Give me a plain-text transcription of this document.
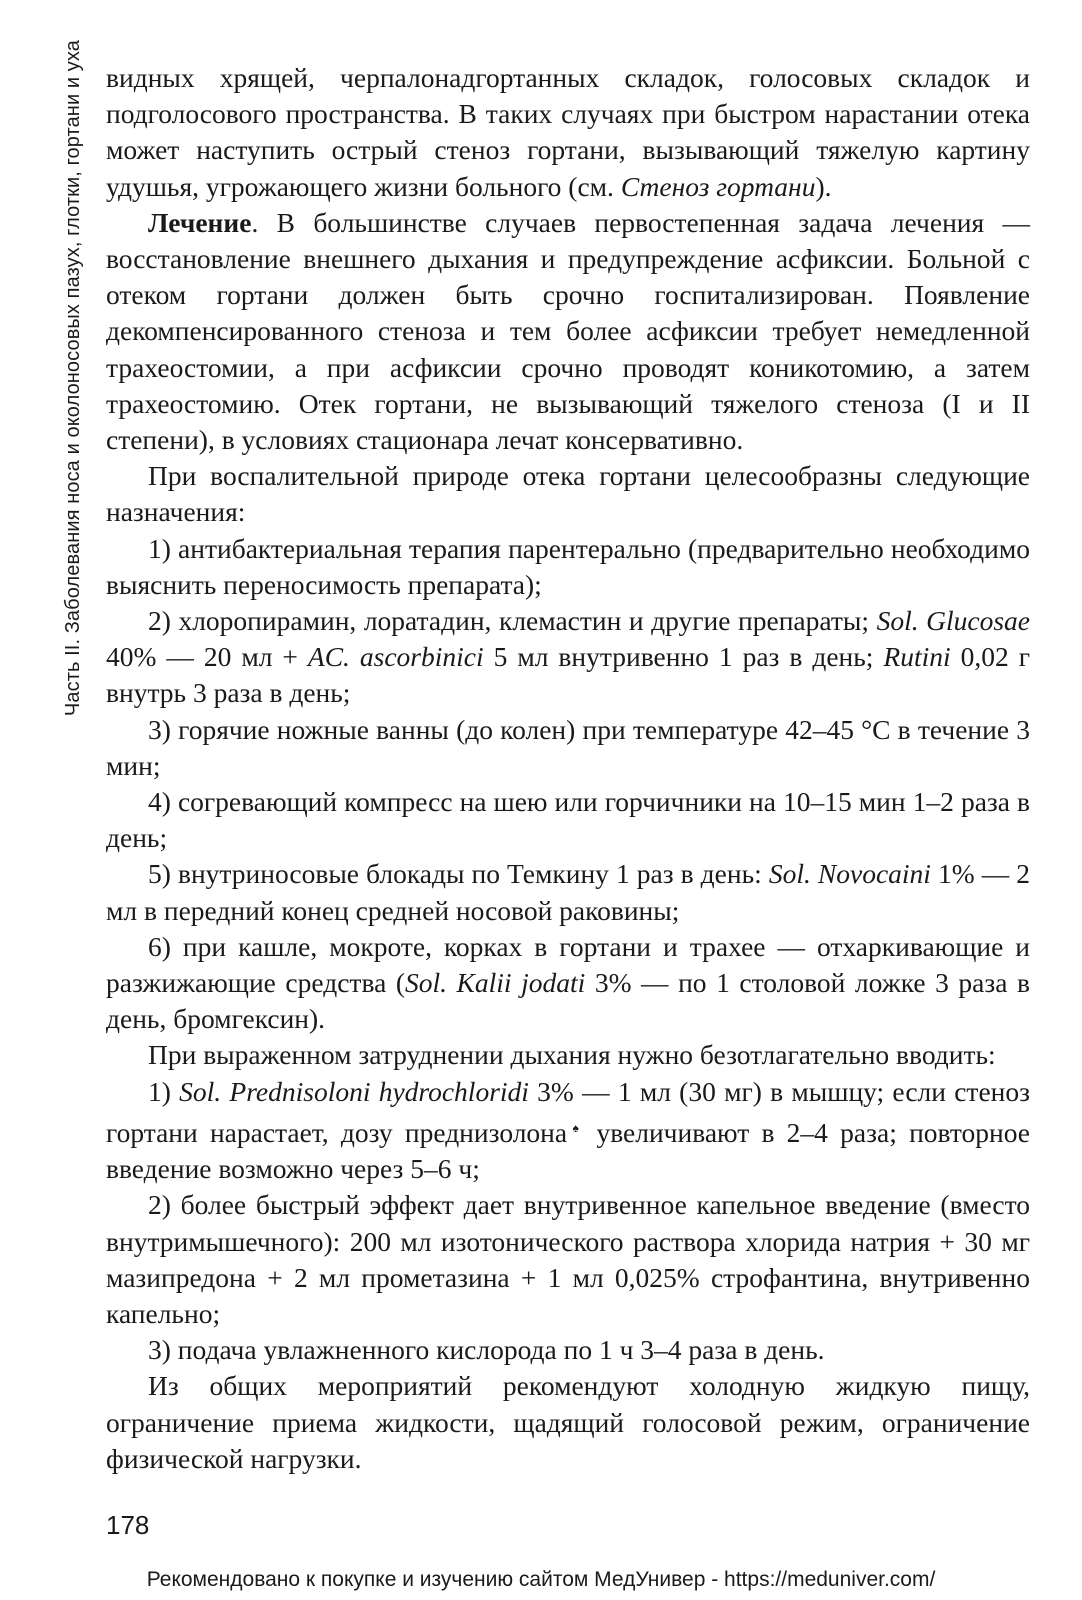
Часть II. Заболевания носа и околоносовых пазух, глотки, гортани и уха видных хрящей, черпалонадгортанных складок, голосовых складок и подголосового пространства. В таких случаях при быстром нарастании отека может наступить острый стеноз гортани, вызывающий тяжелую картину удушья, угрожающего жизни больного (см. Стеноз гортани).

Лечение. В большинстве случаев первостепенная задача лечения — восстановление внешнего дыхания и предупреждение асфиксии. Больной с отеком гортани должен быть срочно госпитализирован. Появление декомпенсированного стеноза и тем более асфиксии требует немедленной трахеостомии, а при асфиксии срочно проводят коникотомию, а затем трахеостомию. Отек гортани, не вызывающий тяжелого стеноза (I и II степени), в условиях стационара лечат консервативно.

При воспалительной природе отека гортани целесообразны следующие назначения:

1) антибактериальная терапия парентерально (предварительно необходимо выяснить переносимость препарата);

2) хлоропирамин, лоратадин, клемастин и другие препараты; Sol. Glucosae 40% — 20 мл + AC. ascorbinici 5 мл внутривенно 1 раз в день; Rutini 0,02 г внутрь 3 раза в день;

3) горячие ножные ванны (до колен) при температуре 42–45 °С в течение 3 мин;

4) согревающий компресс на шею или горчичники на 10–15 мин 1–2 раза в день;

5) внутриносовые блокады по Темкину 1 раз в день: Sol. Novocaini 1% — 2 мл в передний конец средней носовой раковины;

6) при кашле, мокроте, корках в гортани и трахее — отхаркивающие и разжижающие средства (Sol. Kalii jodati 3% — по 1 столовой ложке 3 раза в день, бромгексин).

При выраженном затруднении дыхания нужно безотлагательно вводить:

1) Sol. Prednisoloni hydrochloridi 3% — 1 мл (30 мг) в мышцу; если стеноз гортани нарастает, дозу преднизолона♠ увеличивают в 2–4 раза; повторное введение возможно через 5–6 ч;

2) более быстрый эффект дает внутривенное капельное введение (вместо внутримышечного): 200 мл изотонического раствора хлорида натрия + 30 мг мазипредона + 2 мл прометазина + 1 мл 0,025% строфантина, внутривенно капельно;

3) подача увлажненного кислорода по 1 ч 3–4 раза в день.

Из общих мероприятий рекомендуют холодную жидкую пищу, ограничение приема жидкости, щадящий голосовой режим, ограничение физической нагрузки.

178
Рекомендовано к покупке и изучению сайтом МедУнивер - https://meduniver.com/
